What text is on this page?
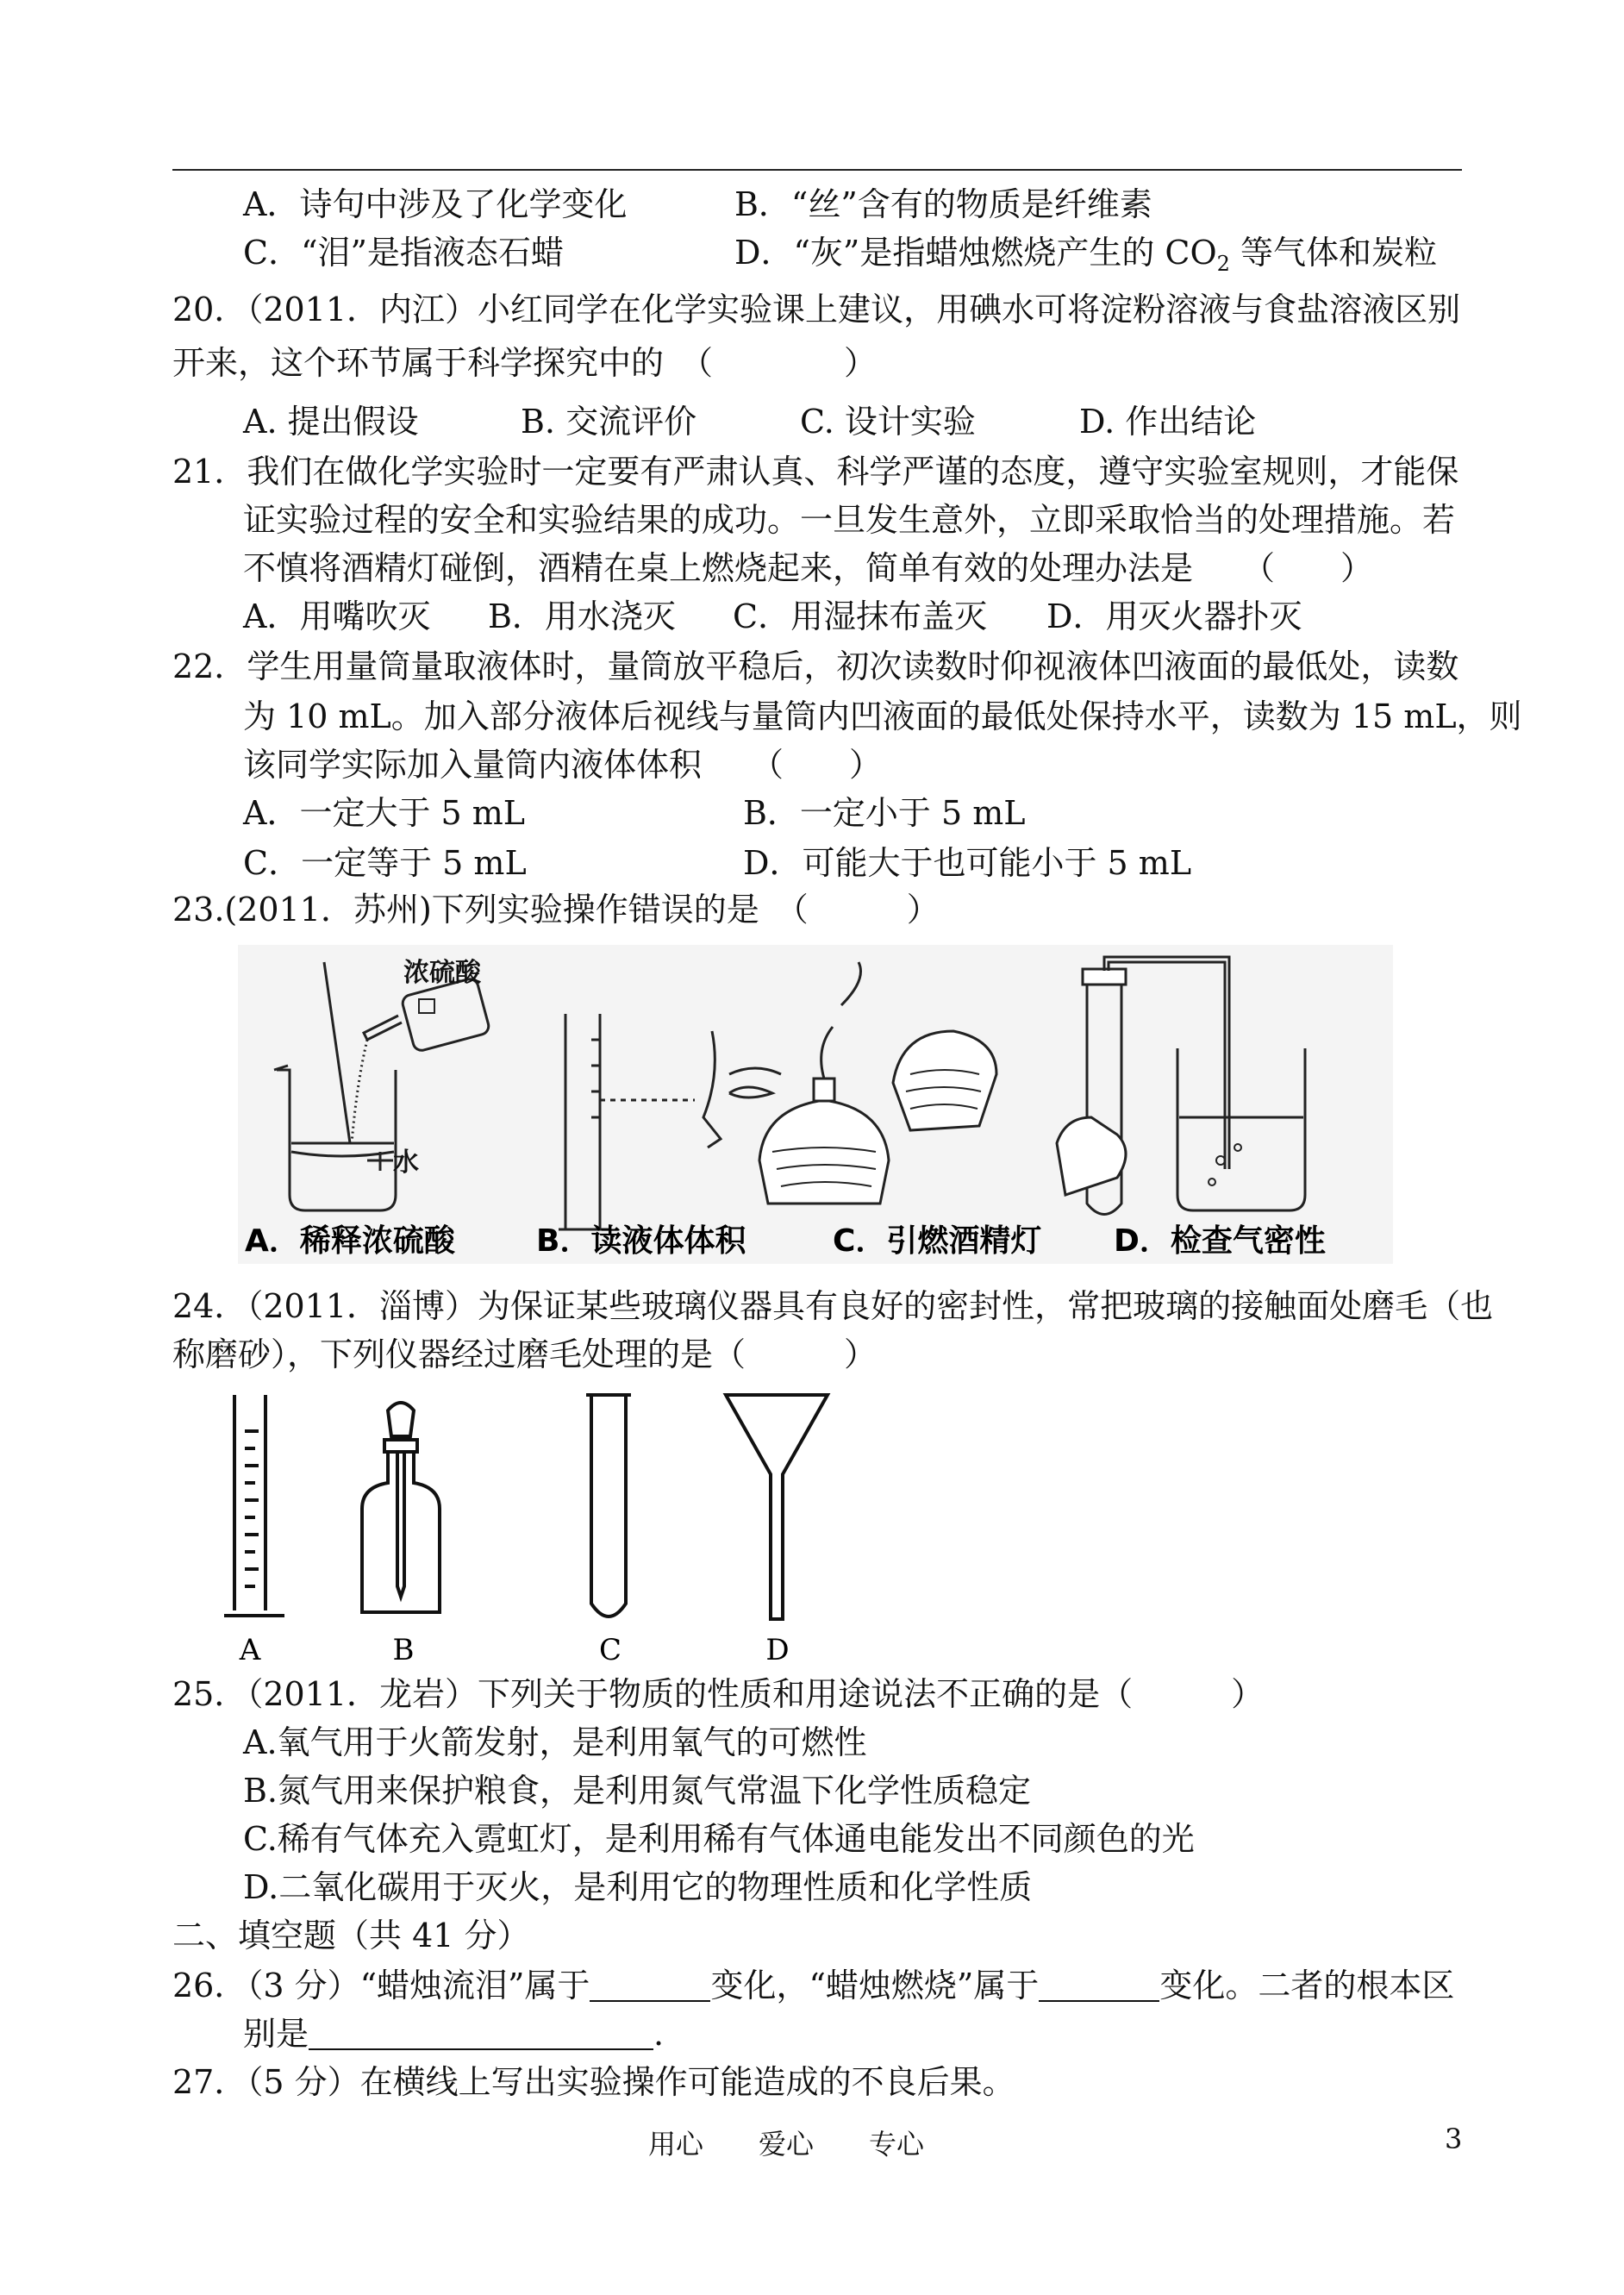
A．诗句中涉及了化学变化	B．“丝”含有的物质是纤维素
C．“泪”是指液态石蜡	D．“灰”是指蜡烛燃烧产生的 $CO_2$ 等气体和炭粒
20．（2011．内江）小红同学在化学实验课上建议，用碘水可将淀粉溶液与食盐溶液区别
开来，这个环节属于科学探究中的　（　　　　）
A. 提出假设	B. 交流评价	C. 设计实验	D. 作出结论
21．我们在做化学实验时一定要有严肃认真、科学严谨的态度，遵守实验室规则，才能保
证实验过程的安全和实验结果的成功。一旦发生意外，立即采取恰当的处理措施。若
不慎将酒精灯碰倒，酒精在桌上燃烧起来，简单有效的处理办法是　　（　　）
A．用嘴吹灭 B．用水浇灭 C．用湿抹布盖灭 D．用灭火器扑灭
22．学生用量筒量取液体时，量筒放平稳后，初次读数时仰视液体凹液面的最低处，读数
为 10 mL。加入部分液体后视线与量筒内凹液面的最低处保持水平，读数为 15 mL，则
该同学实际加入量筒内液体体积　　（　　）
A．一定大于 5 mL	B．一定小于 5 mL
C．一定等于 5 mL	D．可能大于也可能小于 5 mL
23.(2011．苏州)下列实验操作错误的是　（　　　）
浓硫酸
水
A．稀释浓硫酸	B．读液体体积	C．引燃酒精灯 D．检查气密性
24．（2011．淄博）为保证某些玻璃仪器具有良好的密封性，常把玻璃的接触面处磨毛（也
称磨砂），下列仪器经过磨毛处理的是（　　　）
A	B	C	D
25．（2011．龙岩）下列关于物质的性质和用途说法不正确的是（　　　）
A.氧气用于火箭发射，是利用氧气的可燃性
B.氮气用来保护粮食，是利用氮气常温下化学性质稳定
C.稀有气体充入霓虹灯，是利用稀有气体通电能发出不同颜色的光
D.二氧化碳用于灭火，是利用它的物理性质和化学性质
二、填空题（共 41 分）
26．（3 分）“蜡烛流泪”属于	变化，“蜡烛燃烧”属于	变化。二者的根本区
别是	.
27．（5 分）在横线上写出实验操作可能造成的不良后果。
用心　　爱心　　专心	3
